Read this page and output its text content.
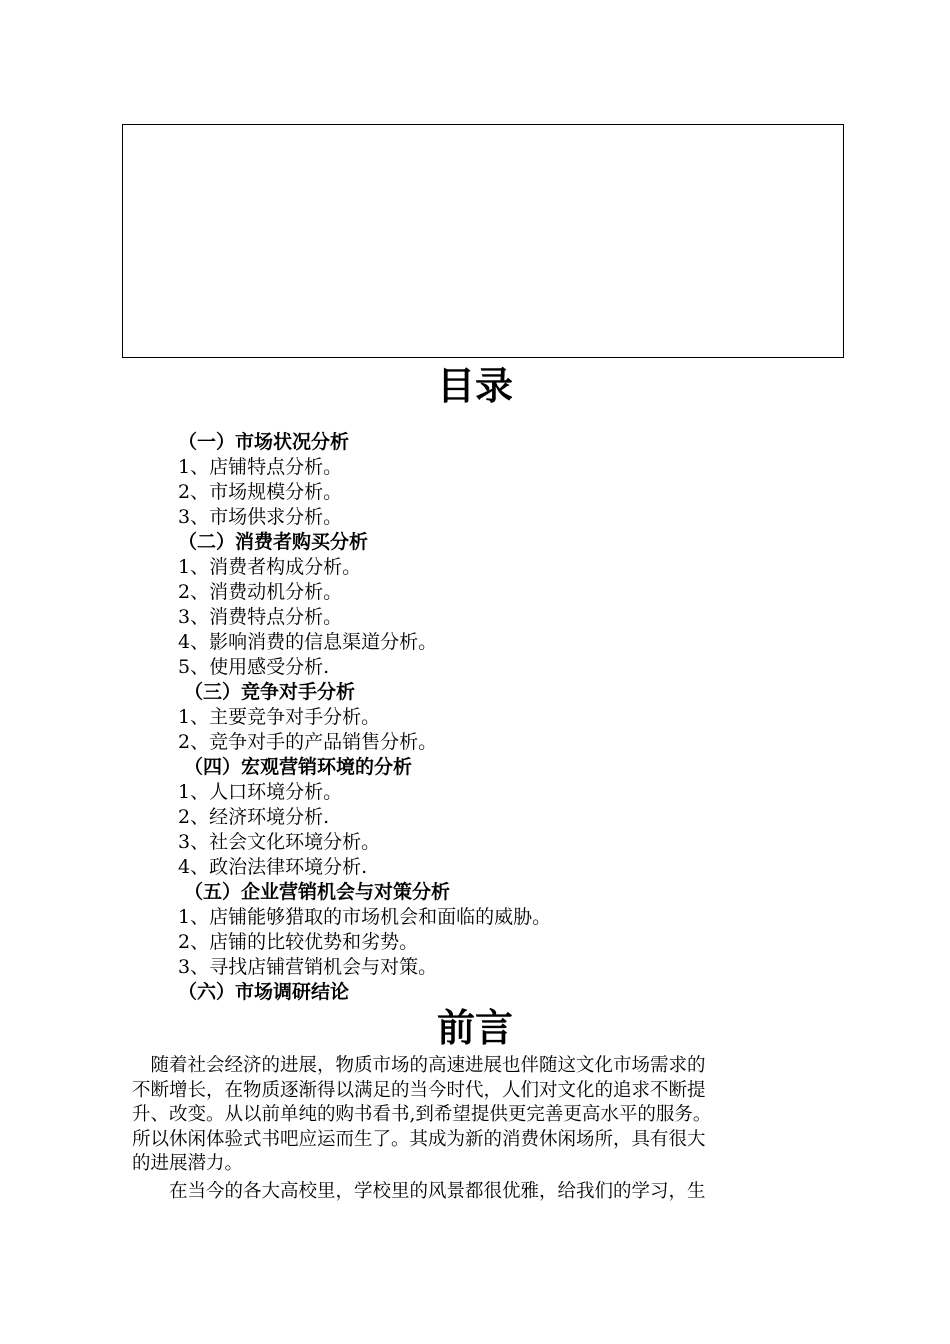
目录
（一）市场状况分析
1、店铺特点分析。
2、市场规模分析。
3、市场供求分析。
（二）消费者购买分析
1、消费者构成分析。
2、消费动机分析。
3、消费特点分析。
4、影响消费的信息渠道分析。
5、使用感受分析.
（三）竞争对手分析
1、主要竞争对手分析。
2、竞争对手的产品销售分析。
（四）宏观营销环境的分析
1、人口环境分析。
2、经济环境分析.
3、社会文化环境分析。
4、政治法律环境分析.
（五）企业营销机会与对策分析
1、店铺能够猎取的市场机会和面临的威胁。
2、店铺的比较优势和劣势。
3、寻找店铺营销机会与对策。
（六）市场调研结论
前言

　随着社会经济的进展，物质市场的高速进展也伴随这文化市场需求的

不断增长，在物质逐渐得以满足的当今时代，人们对文化的追求不断提

升、改变。从以前单纯的购书看书,到希望提供更完善更高水平的服务。

所以休闲体验式书吧应运而生了。其成为新的消费休闲场所，具有很大

的进展潜力。

　　在当今的各大高校里，学校里的风景都很优雅，给我们的学习，生
